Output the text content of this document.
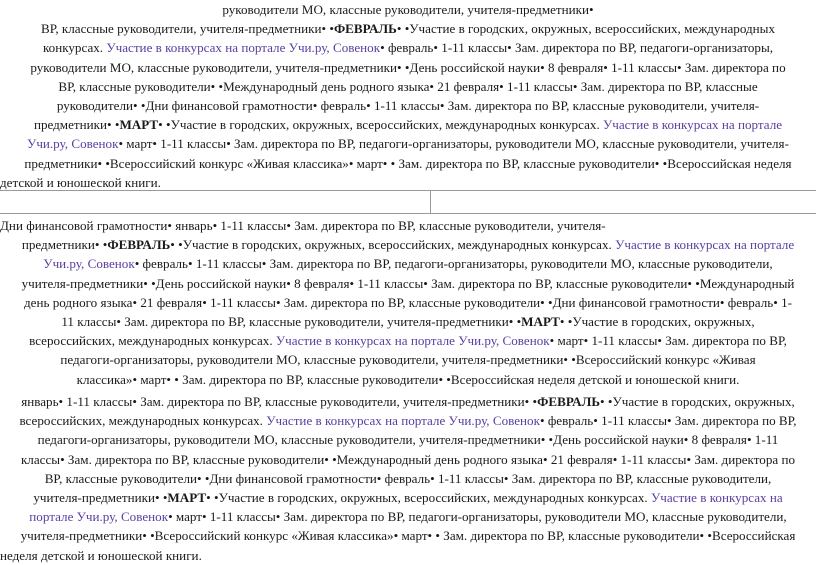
руководители МО, классные руководители, учителя-предметники•
ВР, классные руководители, учителя-предметники• •ФЕВРАЛЬ• •Участие в городских, окружных, всероссийских, международных
конкурсах. Участие в конкурсах на портале Учи.ру, Совенок• февраль• 1-11 классы• Зам. директора по ВР, педагоги-организаторы,
руководители МО, классные руководители, учителя-предметники• •День российской науки• 8 февраля• 1-11 классы• Зам. директора по
ВР, классные руководители• •Международный день родного языка• 21 февраля• 1-11 классы• Зам. директора по ВР, классные
руководители• •Дни финансовой грамотности• февраль• 1-11 классы• Зам. директора по ВР, классные руководители, учителя-
предметники• •МАРТ• •Участие в городских, окружных, всероссийских, международных конкурсах. Участие в конкурсах на портале
Учи.ру, Совенок• март• 1-11 классы• Зам. директора по ВР, педагоги-организаторы, руководители МО, классные руководители, учителя-
предметники• •Всероссийский конкурс «Живая классика»• март• • Зам. директора по ВР, классные руководители• •Всероссийская неделя
детской и юношеской книги.
Дни финансовой грамотности• январь• 1-11 классы• Зам. директора по ВР, классные руководители, учителя-
предметники• •ФЕВРАЛЬ• •Участие в городских, окружных, всероссийских, международных конкурсах. Участие в конкурсах на портале
Учи.ру, Совенок• февраль• 1-11 классы• Зам. директора по ВР, педагоги-организаторы, руководители МО, классные руководители,
учителя-предметники• •День российской науки• 8 февраля• 1-11 классы• Зам. директора по ВР, классные руководители• •Международный
день родного языка• 21 февраля• 1-11 классы• Зам. директора по ВР, классные руководители• •Дни финансовой грамотности• февраль• 1-
11 классы• Зам. директора по ВР, классные руководители, учителя-предметники• •МАРТ• •Участие в городских, окружных,
всероссийских, международных конкурсах. Участие в конкурсах на портале Учи.ру, Совенок• март• 1-11 классы• Зам. директора по ВР,
педагоги-организаторы, руководители МО, классные руководители, учителя-предметники• •Всероссийский конкурс «Живая
классика»• март• • Зам. директора по ВР, классные руководители• •Всероссийская неделя детской и юношеской книги.
январь• 1-11 классы• Зам. директора по ВР, классные руководители, учителя-предметники• •ФЕВРАЛЬ• •Участие в городских, окружных,
всероссийских, международных конкурсах. Участие в конкурсах на портале Учи.ру, Совенок• февраль• 1-11 классы• Зам. директора по ВР,
педагоги-организаторы, руководители МО, классные руководители, учителя-предметники• •День российской науки• 8 февраля• 1-11
классы• Зам. директора по ВР, классные руководители• •Международный день родного языка• 21 февраля• 1-11 классы• Зам. директора по
ВР, классные руководители• •Дни финансовой грамотности• февраль• 1-11 классы• Зам. директора по ВР, классные руководители,
учителя-предметники• •МАРТ• •Участие в городских, окружных, всероссийских, международных конкурсах. Участие в конкурсах на
портале Учи.ру, Совенок• март• 1-11 классы• Зам. директора по ВР, педагоги-организаторы, руководители МО, классные руководители,
учителя-предметники• •Всероссийский конкурс «Живая классика»• март• • Зам. директора по ВР, классные руководители• •Всероссийская
неделя детской и юношеской книги.
